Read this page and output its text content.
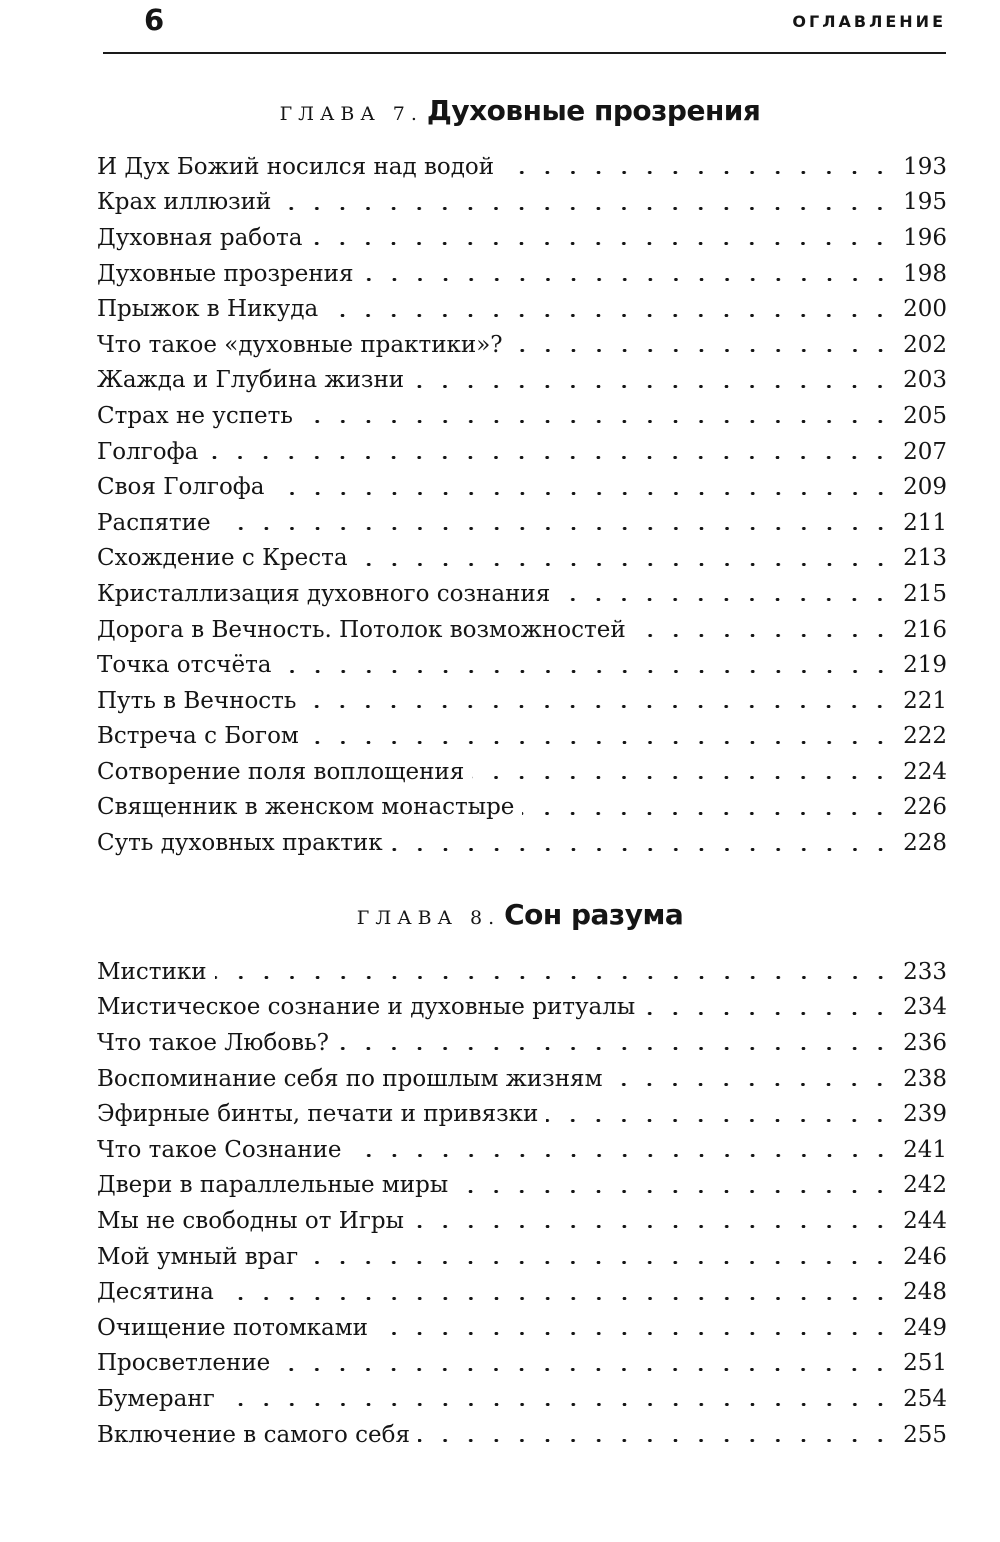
6	ОГЛАВЛЕНИЕ
ГЛАВА 7. Духовные прозрения
И Дух Божий носился над водой	193
Крах иллюзий	195
Духовная работа	196
Духовные прозрения	198
Прыжок в Никуда	200
Что такое «духовные практики»?	202
Жажда и Глубина жизни	203
Страх не успеть	205
Голгофа	207
Своя Голгофа	209
Распятие	211
Схождение с Креста	213
Кристаллизация духовного сознания	215
Дорога в Вечность. Потолок возможностей	216
Точка отсчёта	219
Путь в Вечность	221
Встреча с Богом	222
Сотворение поля воплощения	224
Священник в женском монастыре	226
Суть духовных практик	228
ГЛАВА 8. Сон разума
Мистики	233
Мистическое сознание и духовные ритуалы	234
Что такое Любовь?	236
Воспоминание себя по прошлым жизням	238
Эфирные бинты, печати и привязки	239
Что такое Сознание	241
Двери в параллельные миры	242
Мы не свободны от Игры	244
Мой умный враг	246
Десятина	248
Очищение потомками	249
Просветление	251
Бумеранг	254
Включение в самого себя	255
